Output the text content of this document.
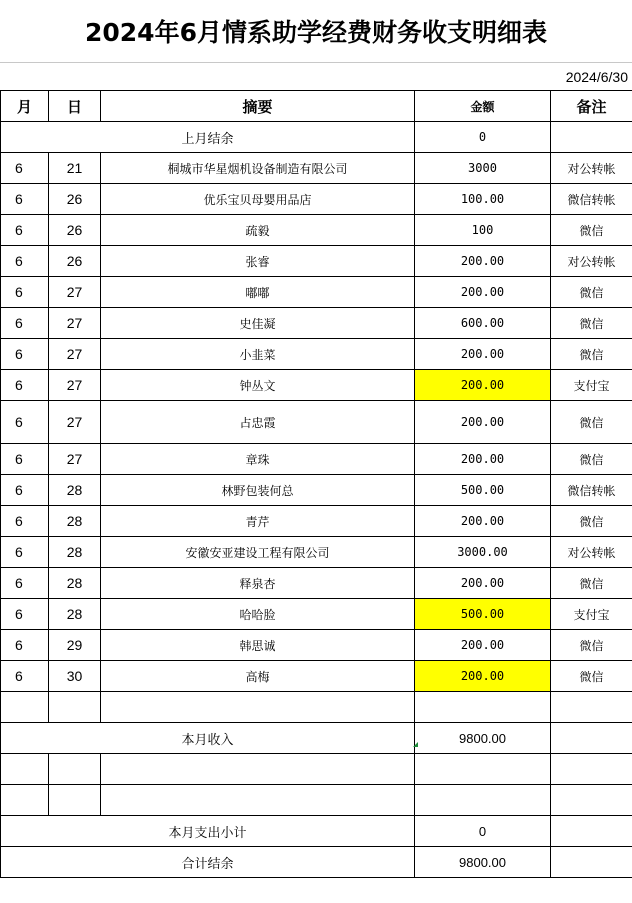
2024年6月情系助学经费财务收支明细表
2024/6/30
月	日	摘要	金额	备注
上月结余			0	
6	21	桐城市华星烟机设备制造有限公司	3000	对公转帐
6	26	优乐宝贝母婴用品店	100.00	微信转帐
6	26	疏毅	100	微信
6	26	张睿	200.00	对公转帐
6	27	嘟嘟	200.00	微信
6	27	史佳凝	600.00	微信
6	27	小韭菜	200.00	微信
6	27	钟丛文	200.00	支付宝
6	27	占忠霞	200.00	微信
6	27	章珠	200.00	微信
6	28	林野包装何总	500.00	微信转帐
6	28	青芹	200.00	微信
6	28	安徽安亚建设工程有限公司	3000.00	对公转帐
6	28	释泉杏	200.00	微信
6	28	哈哈脸	500.00	支付宝
6	29	韩思诚	200.00	微信
6	30	高梅	200.00	微信

本月收入			9800.00	

本月支出小计			0	
合计结余			9800.00	
